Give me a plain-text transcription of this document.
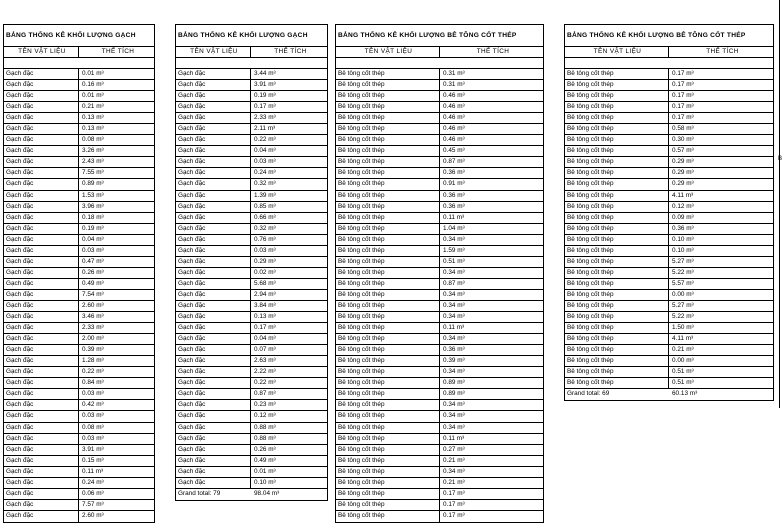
BẢNG THỐNG KÊ KHỐI LƯỢNG GẠCH
TÊN VẬT LIỆU	THỂ TÍCH
Gạch đặc	0.01 m³
Gạch đặc	0.16 m³
Gạch đặc	0.01 m³
Gạch đặc	0.21 m³
Gạch đặc	0.13 m³
Gạch đặc	0.13 m³
Gạch đặc	0.08 m³
Gạch đặc	3.26 m³
Gạch đặc	2.43 m³
Gạch đặc	7.55 m³
Gạch đặc	0.89 m³
Gạch đặc	1.53 m³
Gạch đặc	3.96 m³
Gạch đặc	0.18 m³
Gạch đặc	0.19 m³
Gạch đặc	0.04 m³
Gạch đặc	0.03 m³
Gạch đặc	0.47 m³
Gạch đặc	0.26 m³
Gạch đặc	0.49 m³
Gạch đặc	7.54 m³
Gạch đặc	2.60 m³
Gạch đặc	3.46 m³
Gạch đặc	2.33 m³
Gạch đặc	2.00 m³
Gạch đặc	0.39 m³
Gạch đặc	1.28 m³
Gạch đặc	0.22 m³
Gạch đặc	0.84 m³
Gạch đặc	0.03 m³
Gạch đặc	0.42 m³
Gạch đặc	0.03 m³
Gạch đặc	0.08 m³
Gạch đặc	0.03 m³
Gạch đặc	3.91 m³
Gạch đặc	0.15 m³
Gạch đặc	0.11 m³
Gạch đặc	0.24 m³
Gạch đặc	0.06 m³
Gạch đặc	7.57 m³
Gạch đặc	2.60 m³
BẢNG THỐNG KÊ KHỐI LƯỢNG GẠCH
TÊN VẬT LIỆU	THỂ TÍCH
Gạch đặc	3.44 m³
Gạch đặc	3.91 m³
Gạch đặc	0.19 m³
Gạch đặc	0.17 m³
Gạch đặc	2.33 m³
Gạch đặc	2.11 m³
Gạch đặc	0.22 m³
Gạch đặc	0.04 m³
Gạch đặc	0.03 m³
Gạch đặc	0.24 m³
Gạch đặc	0.32 m³
Gạch đặc	1.39 m³
Gạch đặc	0.85 m³
Gạch đặc	0.66 m³
Gạch đặc	0.32 m³
Gạch đặc	0.76 m³
Gạch đặc	0.03 m³
Gạch đặc	0.29 m³
Gạch đặc	0.02 m³
Gạch đặc	5.68 m³
Gạch đặc	2.94 m³
Gạch đặc	3.84 m³
Gạch đặc	0.13 m³
Gạch đặc	0.17 m³
Gạch đặc	0.04 m³
Gạch đặc	0.07 m³
Gạch đặc	2.63 m³
Gạch đặc	2.22 m³
Gạch đặc	0.22 m³
Gạch đặc	0.87 m³
Gạch đặc	0.23 m³
Gạch đặc	0.12 m³
Gạch đặc	0.88 m³
Gạch đặc	0.88 m³
Gạch đặc	0.26 m³
Gạch đặc	0.49 m³
Gạch đặc	0.01 m³
Gạch đặc	0.10 m³
Grand total: 79	98.04 m³
BẢNG THỐNG KÊ KHỐI LƯỢNG BÊ TÔNG CỐT THÉP
TÊN VẬT LIỆU	THỂ TÍCH
Bê tông cốt thép	0.31 m³
Bê tông cốt thép	0.31 m³
Bê tông cốt thép	0.46 m³
Bê tông cốt thép	0.46 m³
Bê tông cốt thép	0.46 m³
Bê tông cốt thép	0.46 m³
Bê tông cốt thép	0.46 m³
Bê tông cốt thép	0.45 m³
Bê tông cốt thép	0.87 m³
Bê tông cốt thép	0.36 m³
Bê tông cốt thép	0.91 m³
Bê tông cốt thép	0.36 m³
Bê tông cốt thép	0.36 m³
Bê tông cốt thép	0.11 m³
Bê tông cốt thép	1.04 m³
Bê tông cốt thép	0.34 m³
Bê tông cốt thép	1.59 m³
Bê tông cốt thép	0.51 m³
Bê tông cốt thép	0.34 m³
Bê tông cốt thép	0.87 m³
Bê tông cốt thép	0.34 m³
Bê tông cốt thép	0.34 m³
Bê tông cốt thép	0.34 m³
Bê tông cốt thép	0.11 m³
Bê tông cốt thép	0.34 m³
Bê tông cốt thép	0.36 m³
Bê tông cốt thép	0.39 m³
Bê tông cốt thép	0.34 m³
Bê tông cốt thép	0.89 m³
Bê tông cốt thép	0.89 m³
Bê tông cốt thép	0.34 m³
Bê tông cốt thép	0.34 m³
Bê tông cốt thép	0.34 m³
Bê tông cốt thép	0.11 m³
Bê tông cốt thép	0.27 m³
Bê tông cốt thép	0.21 m³
Bê tông cốt thép	0.34 m³
Bê tông cốt thép	0.21 m³
Bê tông cốt thép	0.17 m³
Bê tông cốt thép	0.17 m³
Bê tông cốt thép	0.17 m³
BẢNG THỐNG KÊ KHỐI LƯỢNG BÊ TÔNG CỐT THÉP
TÊN VẬT LIỆU	THỂ TÍCH
Bê tông cốt thép	0.17 m³
Bê tông cốt thép	0.17 m³
Bê tông cốt thép	0.17 m³
Bê tông cốt thép	0.17 m³
Bê tông cốt thép	0.17 m³
Bê tông cốt thép	0.58 m³
Bê tông cốt thép	0.30 m³
Bê tông cốt thép	0.57 m³
Bê tông cốt thép	0.29 m³
Bê tông cốt thép	0.29 m³
Bê tông cốt thép	0.29 m³
Bê tông cốt thép	4.11 m³
Bê tông cốt thép	0.12 m³
Bê tông cốt thép	0.09 m³
Bê tông cốt thép	0.36 m³
Bê tông cốt thép	0.10 m³
Bê tông cốt thép	0.10 m³
Bê tông cốt thép	5.27 m³
Bê tông cốt thép	5.22 m³
Bê tông cốt thép	5.57 m³
Bê tông cốt thép	0.00 m³
Bê tông cốt thép	5.27 m³
Bê tông cốt thép	5.22 m³
Bê tông cốt thép	1.50 m³
Bê tông cốt thép	4.11 m³
Bê tông cốt thép	0.21 m³
Bê tông cốt thép	0.00 m³
Bê tông cốt thép	0.51 m³
Bê tông cốt thép	0.51 m³
Grand total: 69	60.13 m³
B
